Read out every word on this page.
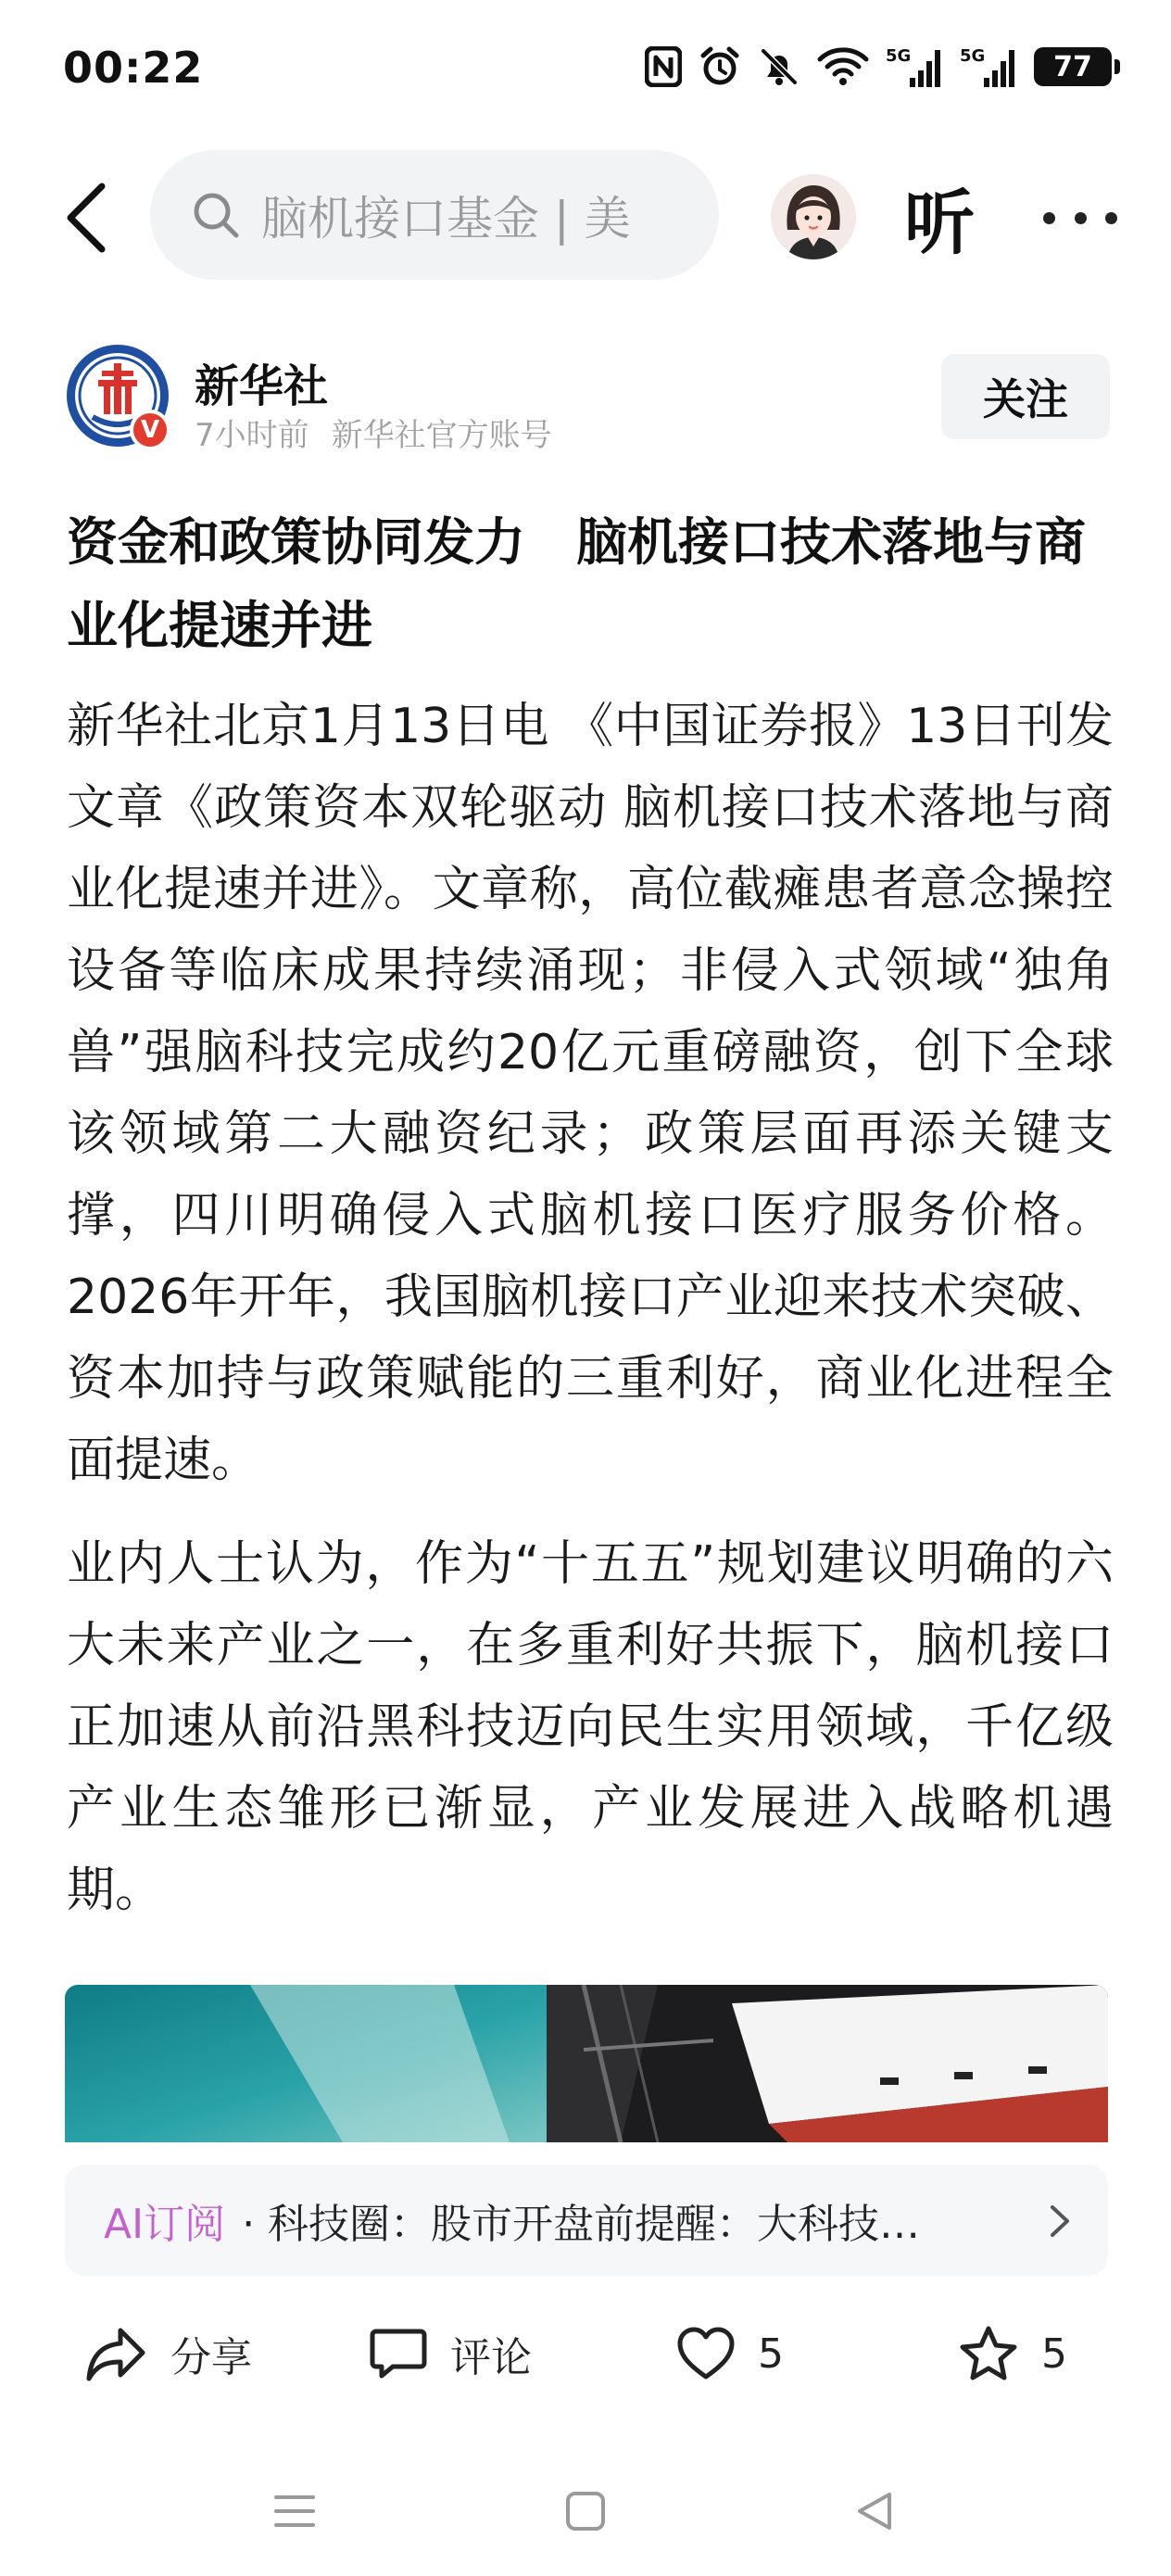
00:22	5G	5G	77
脑机接口基金 | 美	听
V
新华社
7小时前 新华社官方账号
关注
资金和政策协同发力　脑机接口技术落地与商业化提速并进

新华社北京1月13日电 《中国证券报》13日刊发文章《政策资本双轮驱动 脑机接口技术落地与商业化提速并进》。文章称，高位截瘫患者意念操控设备等临床成果持续涌现；非侵入式领域“独角兽”强脑科技完成约20亿元重磅融资，创下全球该领域第二大融资纪录；政策层面再添关键支撑，四川明确侵入式脑机接口医疗服务价格。2026年开年，我国脑机接口产业迎来技术突破、资本加持与政策赋能的三重利好，商业化进程全面提速。

业内人士认为，作为“十五五”规划建议明确的六大未来产业之一，在多重利好共振下，脑机接口正加速从前沿黑科技迈向民生实用领域，千亿级产业生态雏形已渐显，产业发展进入战略机遇期。

AI订阅 · 科技圈：股市开盘前提醒：大科技…
分享	评论	5	5
